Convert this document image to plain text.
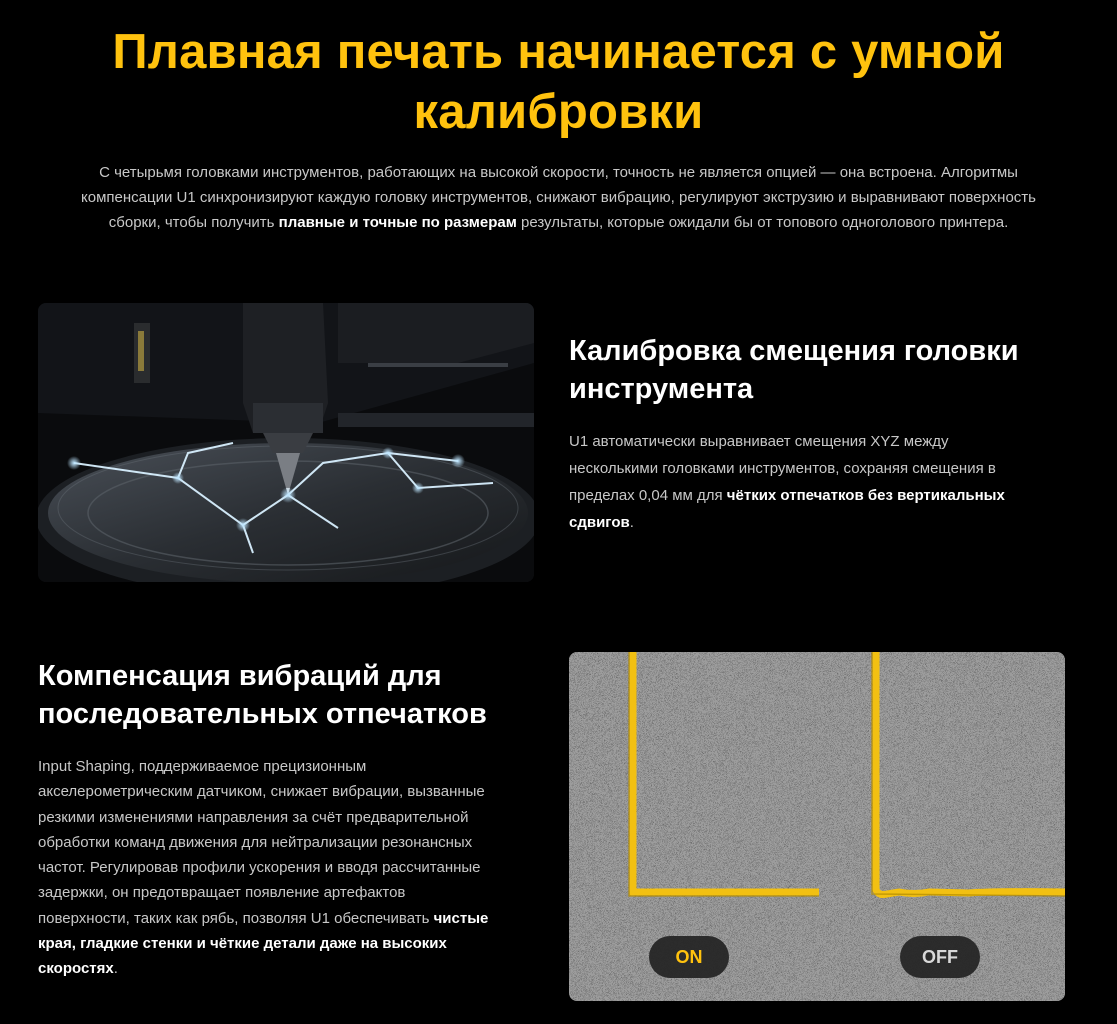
Плавная печать начинается с умной
калибровки

С четырьмя головками инструментов, работающих на высокой скорости, точность не является опцией — она встроена. Алгоритмы
компенсации U1 синхронизируют каждую головку инструментов, снижают вибрацию, регулируют экструзию и выравнивают поверхность
сборки, чтобы получить плавные и точные по размерам результаты, которые ожидали бы от топового одноголового принтера.

Калибровка смещения головки
инструмента

U1 автоматически выравнивает смещения XYZ между
несколькими головками инструментов, сохраняя смещения в
пределах 0,04 мм для чётких отпечатков без вертикальных
сдвигов.

Компенсация вибраций для
последовательных отпечатков

Input Shaping, поддерживаемое прецизионным
акселерометрическим датчиком, снижает вибрации, вызванные
резкими изменениями направления за счёт предварительной
обработки команд движения для нейтрализации резонансных
частот. Регулировав профили ускорения и вводя рассчитанные
задержки, он предотвращает появление артефактов
поверхности, таких как рябь, позволяя U1 обеспечивать чистые
края, гладкие стенки и чёткие детали даже на высоких
скоростях.

ON	OFF
